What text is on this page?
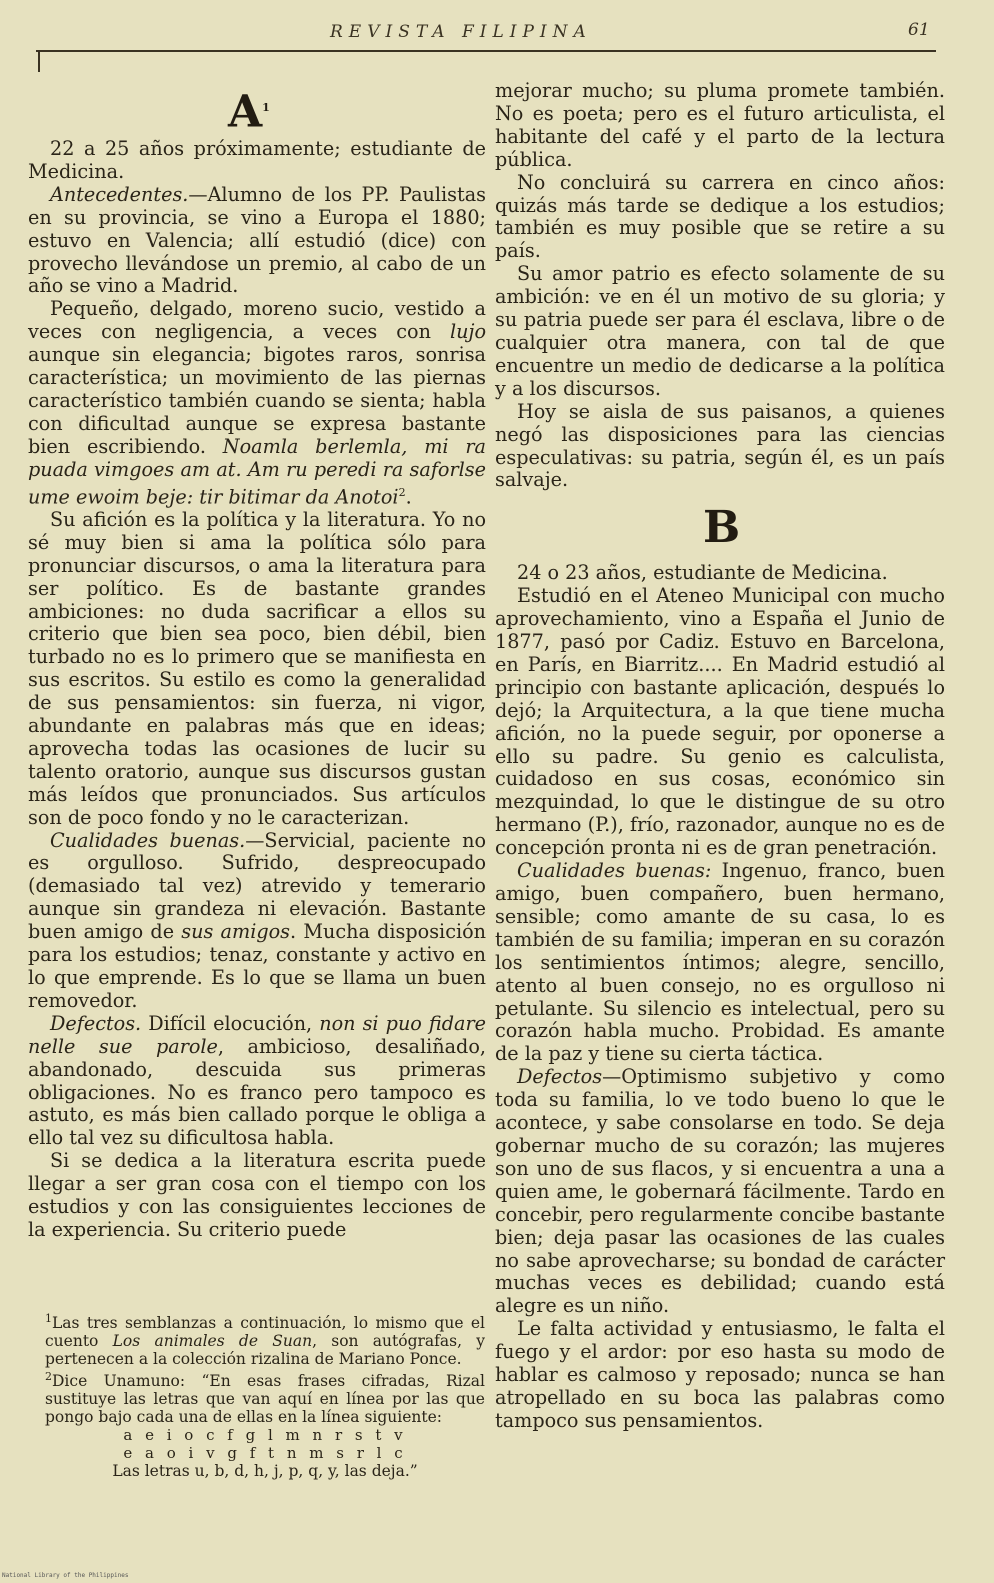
REVISTA FILIPINA	61
$A^1$

22 a 25 años próximamente; estudiante de Medicina.

Antecedentes.—Alumno de los PP. Paulistas en su provincia, se vino a Europa el 1880; estuvo en Valencia; allí estudió (dice) con provecho llevándose un premio, al cabo de un año se vino a Madrid.

Pequeño, delgado, moreno sucio, vestido a veces con negligencia, a veces con lujo aunque sin elegancia; bigotes raros, sonrisa característica; un movimiento de las piernas característico también cuando se sienta; habla con dificultad aunque se expresa bastante bien escribiendo. Noamla berlemla, mi ra puada vimgoes am at. Am ru peredi ra saforlse ume ewoim beje: tir bitimar da Anotoi$^2$.

Su afición es la política y la literatura. Yo no sé muy bien si ama la política sólo para pronunciar discursos, o ama la literatura para ser político. Es de bastante grandes ambiciones: no duda sacrificar a ellos su criterio que bien sea poco, bien débil, bien turbado no es lo primero que se manifiesta en sus escritos. Su estilo es como la generalidad de sus pensamientos: sin fuerza, ni vigor, abundante en palabras más que en ideas; aprovecha todas las ocasiones de lucir su talento oratorio, aunque sus discursos gustan más leídos que pronunciados. Sus artículos son de poco fondo y no le caracterizan.

Cualidades buenas.—Servicial, paciente no es orgulloso. Sufrido, despreocupado (demasiado tal vez) atrevido y temerario aunque sin grandeza ni elevación. Bastante buen amigo de sus amigos. Mucha disposición para los estudios; tenaz, constante y activo en lo que emprende. Es lo que se llama un buen removedor.

Defectos. Difícil elocución, non si puo fidare nelle sue parole, ambicioso, desaliñado, abandonado, descuida sus primeras obligaciones. No es franco pero tampoco es astuto, es más bien callado porque le obliga a ello tal vez su dificultosa habla.

Si se dedica a la literatura escrita puede llegar a ser gran cosa con el tiempo con los estudios y con las consiguientes lecciones de la experiencia. Su criterio puede

$^1$Las tres semblanzas a continuación, lo mismo que el cuento Los animales de Suan, son autógrafas, y pertenecen a la colección rizalina de Mariano Ponce.

$^2$Dice Unamuno: “En esas frases cifradas, Rizal sustituye las letras que van aquí en línea por las que pongo bajo cada una de ellas en la línea siguiente:

a e i o c f g l m n r s t v
e a o i v g f t n m s r l c

Las letras u, b, d, h, j, p, q, y, las deja.”

mejorar mucho; su pluma promete también. No es poeta; pero es el futuro articulista, el habitante del café y el parto de la lectura pública.

No concluirá su carrera en cinco años: quizás más tarde se dedique a los estudios; también es muy posible que se retire a su país.

Su amor patrio es efecto solamente de su ambición: ve en él un motivo de su gloria; y su patria puede ser para él esclava, libre o de cualquier otra manera, con tal de que encuentre un medio de dedicarse a la política y a los discursos.

Hoy se aisla de sus paisanos, a quienes negó las disposiciones para las ciencias especulativas: su patria, según él, es un país salvaje.

B

24 o 23 años, estudiante de Medicina.

Estudió en el Ateneo Municipal con mucho aprovechamiento, vino a España el Junio de 1877, pasó por Cadiz. Estuvo en Barcelona, en París, en Biarritz.... En Madrid estudió al principio con bastante aplicación, después lo dejó; la Arquitectura, a la que tiene mucha afición, no la puede seguir, por oponerse a ello su padre. Su genio es calculista, cuidadoso en sus cosas, económico sin mezquindad, lo que le distingue de su otro hermano (P.), frío, razonador, aunque no es de concepción pronta ni es de gran penetración.

Cualidades buenas: Ingenuo, franco, buen amigo, buen compañero, buen hermano, sensible; como amante de su casa, lo es también de su familia; imperan en su corazón los sentimientos íntimos; alegre, sencillo, atento al buen consejo, no es orgulloso ni petulante. Su silencio es intelectual, pero su corazón habla mucho. Probidad. Es amante de la paz y tiene su cierta táctica.

Defectos—Optimismo subjetivo y como toda su familia, lo ve todo bueno lo que le acontece, y sabe consolarse en todo. Se deja gobernar mucho de su corazón; las mujeres son uno de sus flacos, y si encuentra a una a quien ame, le gobernará fácilmente. Tardo en concebir, pero regularmente concibe bastante bien; deja pasar las ocasiones de las cuales no sabe aprovecharse; su bondad de carácter muchas veces es debilidad; cuando está alegre es un niño.

Le falta actividad y entusiasmo, le falta el fuego y el ardor: por eso hasta su modo de hablar es calmoso y reposado; nunca se han atropellado en su boca las palabras como tampoco sus pensamientos.

National Library of the Philippines
